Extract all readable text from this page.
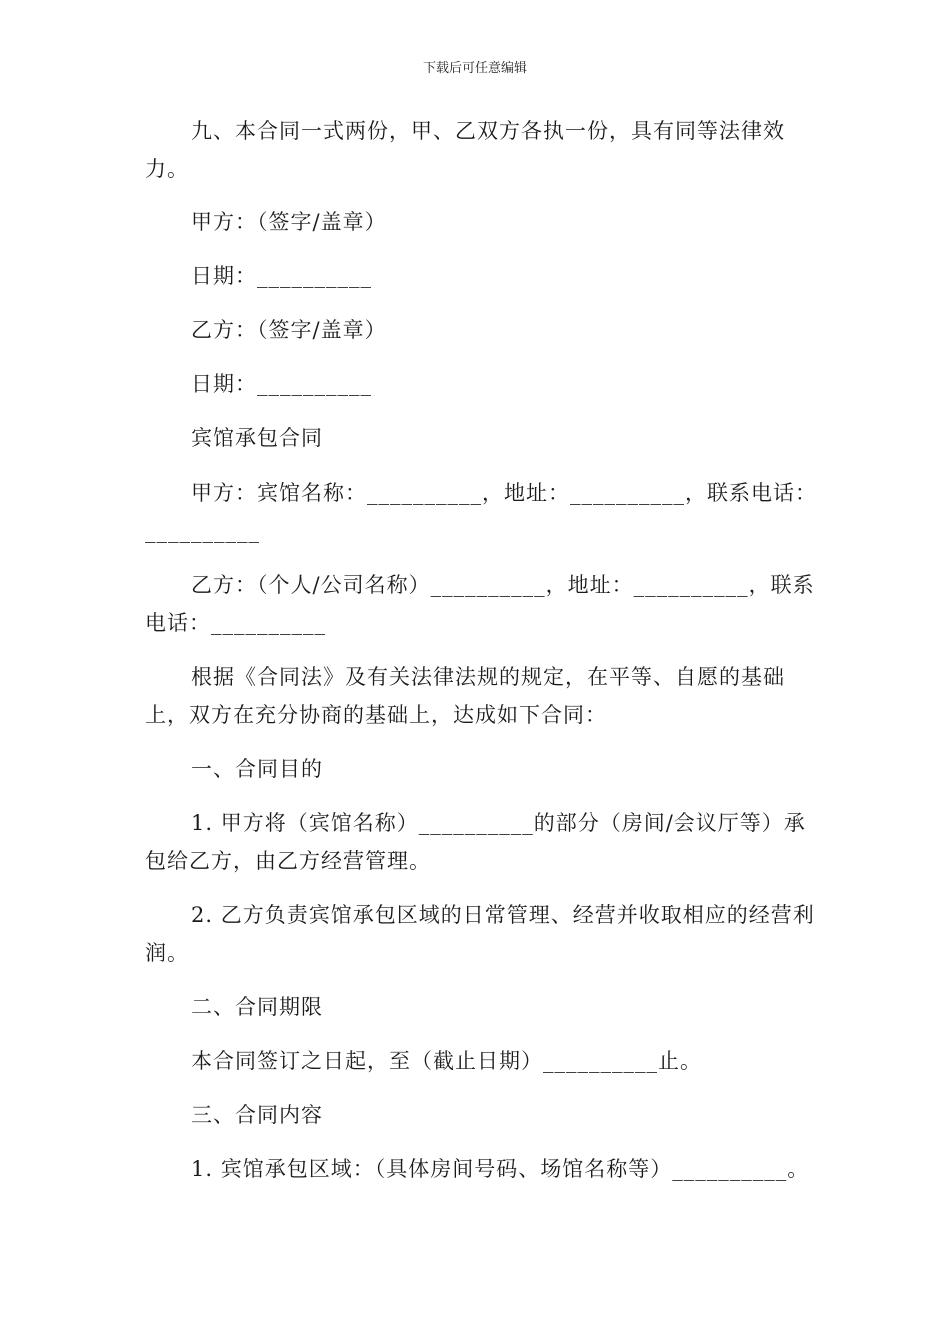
下载后可任意编辑
九、本合同一式两份，甲、乙双方各执一份，具有同等法律效力。
甲方：（签字/盖章）
日期：__________
乙方：（签字/盖章）
日期：__________
宾馆承包合同
甲方：宾馆名称：__________，地址：__________，联系电话：__________
乙方：（个人/公司名称）__________，地址：__________，联系电话：__________
根据《合同法》及有关法律法规的规定，在平等、自愿的基础上，双方在充分协商的基础上，达成如下合同：
一、合同目的
1. 甲方将（宾馆名称）__________的部分（房间/会议厅等）承包给乙方，由乙方经营管理。
2. 乙方负责宾馆承包区域的日常管理、经营并收取相应的经营利润。
二、合同期限
本合同签订之日起，至（截止日期）__________止。
三、合同内容
1. 宾馆承包区域：（具体房间号码、场馆名称等）__________。
